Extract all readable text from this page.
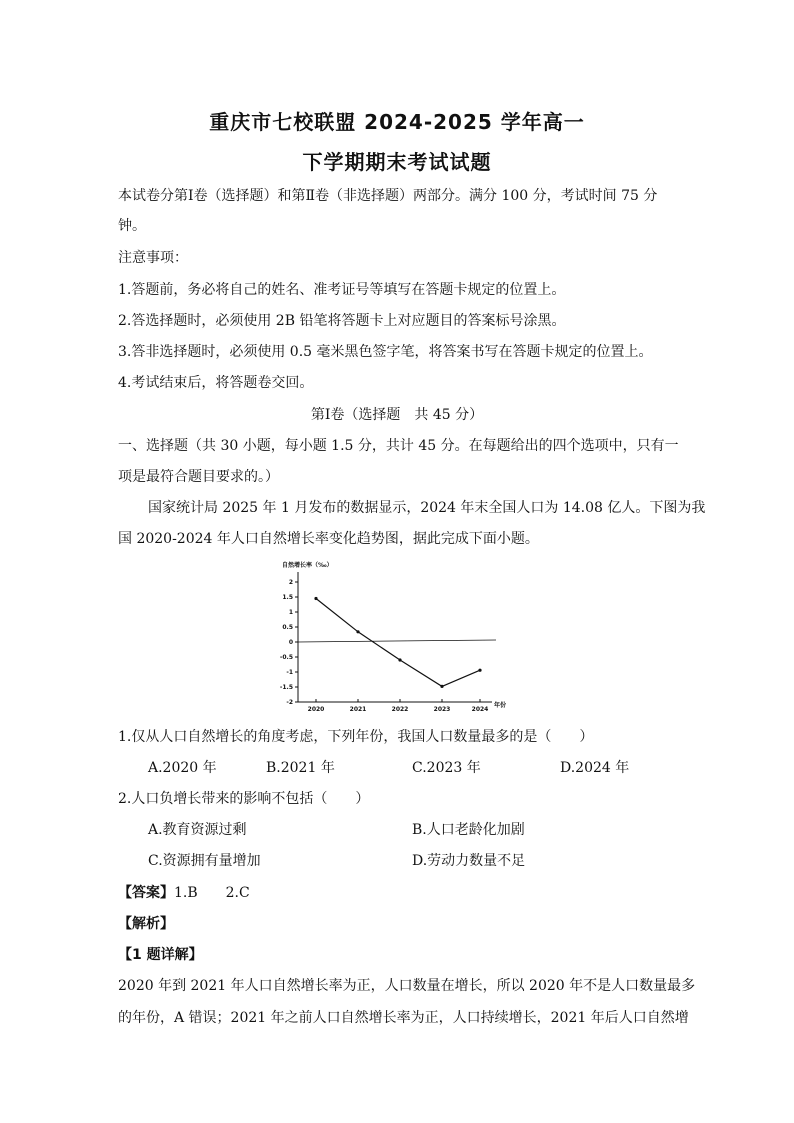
重庆市七校联盟 2024-2025 学年高一
下学期期末考试试题
本试卷分第Ⅰ卷（选择题）和第Ⅱ卷（非选择题）两部分。满分 100 分，考试时间 75 分
钟。
注意事项：
1.答题前，务必将自己的姓名、准考证号等填写在答题卡规定的位置上。
2.答选择题时，必须使用 2B 铅笔将答题卡上对应题目的答案标号涂黑。
3.答非选择题时，必须使用 0.5 毫米黑色签字笔，将答案书写在答题卡规定的位置上。
4.考试结束后，将答题卷交回。
第Ⅰ卷（选择题　共 45 分）
一、选择题（共 30 小题，每小题 1.5 分，共计 45 分。在每题给出的四个选项中，只有一
项是最符合题目要求的。）
国家统计局 2025 年 1 月发布的数据显示，2024 年末全国人口为 14.08 亿人。下图为我
国 2020-2024 年人口自然增长率变化趋势图，据此完成下面小题。
自然增长率（‰）
年份
2
1.5
1
0.5
0
-0.5
-1
-1.5
-2
2020	2021	2022	2023	2024
1.仅从人口自然增长的角度考虑，下列年份，我国人口数量最多的是（　　）
A.2020 年	B.2021 年	C.2023 年	D.2024 年
2.人口负增长带来的影响不包括（　　）
A.教育资源过剩	B.人口老龄化加剧
C.资源拥有量增加	D.劳动力数量不足
【答案】1.B　　2.C
【解析】
【1 题详解】
2020 年到 2021 年人口自然增长率为正，人口数量在增长，所以 2020 年不是人口数量最多
的年份，A 错误；2021 年之前人口自然增长率为正，人口持续增长，2021 年后人口自然增
